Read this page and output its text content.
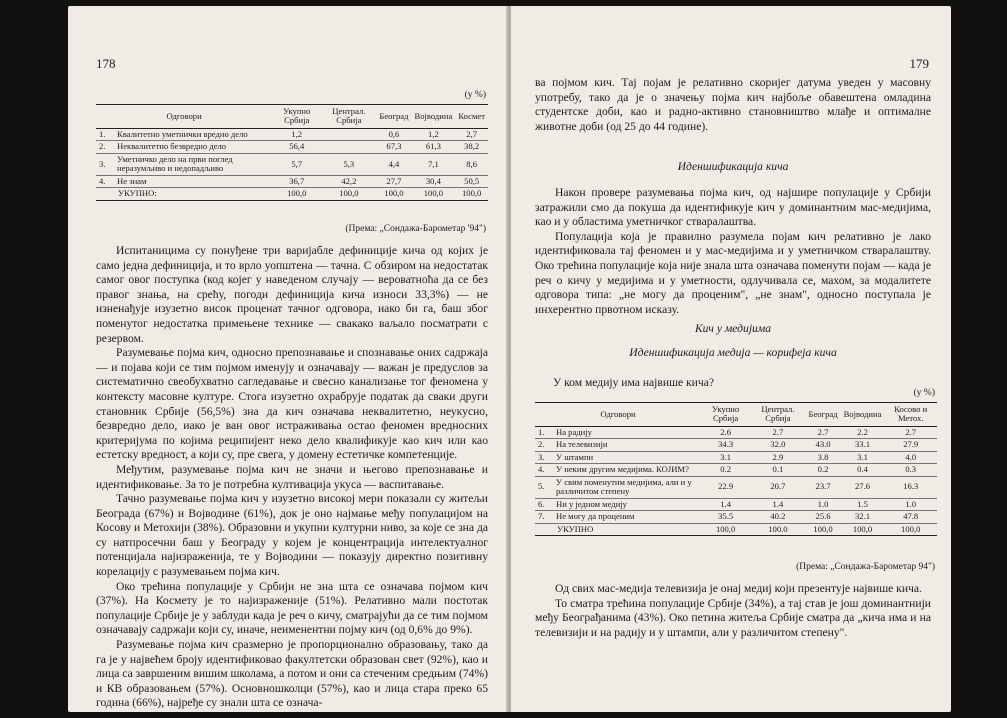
178
(у %)
Одговори		Укупно Србија	Централ. Србија	Београд	Војводина	Космет
1.	Квалитетно уметнички вредно дело	1,2		0,6	1,2	2,7
2.	Неквалитетно безвредно дело	56,4		67,3	61,3	38,2
3.	Уметничко дело на први поглед неразумљиво и недопадљиво	5,7	5,3	4,4	7,1	8,6
4.	Не знам	36,7	42,2	27,7	30,4	50,5
УКУПНО:		100,0	100,0	100,0	100,0	100,0
(Према: „Сондажа-Барометар '94")

Испитаницима су понуђене три варијабле дефиниције кича од којих је само једна дефиниција, и то врло уопштена — тачна. С обзиром на недостатак самог овог поступка (код којег у наведеном случају — вероватноћа да се без правог знања, на срећу, погоди дефиниција кича износи 33,3%) — не изненађује изузетно висок проценат тачног одговора, иако би га, баш због поменутог недостатка примењене технике — свакако ваљало посматрати с резервом.

Разумевање појма кич, односно препознавање и спознавање оних садржаја — и појава који се тим појмом именују и означавају — важан је предуслов за систематично свеобухватно сагледавање и свесно канализање тог феномена у контексту масовне културе. Стога изузетно охрабрује податак да сваки други становник Србије (56,5%) зна да кич означава неквалитетно, неукусно, безвредно дело, иако је ван овог истраживања остао феномен вредносних критеријума по којима реципијент неко дело квалификује као кич или као естетску вредност, а који су, пре свега, у домену естетичке компетенције.

Међутим, разумевање појма кич не значи и његово препознавање и идентификовање. За то је потребна култивација укуса — васпитавање.

Тачно разумевање појма кич у изузетно високој мери показали су житељи Београда (67%) и Војводине (61%), док је оно најмање међу популацијом на Косову и Метохији (38%). Образовни и укупни културни ниво, за које се зна да су натпросечни баш у Београду у којем је концентрација интелектуалног потенцијала најизраженија, те у Војводини — показују директно позитивну корелацију с разумевањем појма кич.

Око трећина популације у Србији не зна шта се означава појмом кич (37%). На Космету је то најизраженије (51%). Релативно мали постотак популације Србије је у заблуди када је реч о кичу, сматрајући да се тим појмом означавају садржаји који су, иначе, неименентни појму кич (од 0,6% до 9%).

Разумевање појма кич сразмерно је пропорционално образовању, тако да га је у највећем броју идентификовао факултетски образован свет (92%), као и лица са завршеним вишим школама, а потом и они са стеченим средњим (74%) и КВ образовањем (57%). Основношколци (57%), као и лица стара преко 65 година (66%), најређе су знали шта се означа-

179

ва појмом кич. Тај појам је релативно скоријег датума уведен у масовну употребу, тако да је о значењу појма кич најбоље обавештена омладина студентске доби, као и радно-активно становништво млађе и оптималне животне доби (од 25 до 44 године).

Иденшификација кича

Након провере разумевања појма кич, од најшире популације у Србији затражили смо да покуша да идентификује кич у доминантним мас-медијима, као и у областима уметничког стваралаштва.

Популација која је правилно разумела појам кич релативно је лако идентификовала тај феномен и у мас-медијима и у уметничком стваралаштву. Око трећина популације која није знала шта означава поменути појам — када је реч о кичу у медијима и у уметности, одлучивала се, махом, за модалитете одговора типа: „не могу да проценим", „не знам", односно поступала је инхерентно првотном исказу.

Кич у медијима
Иденшификација медија — корифеја кича
У ком медију има највише кича?
(у %)
Одговори		Укупно Србија	Централ. Србија	Београд	Војводина	Косово и Метох.
1.	На радију	2.6	2.7	2.7	2.2	2.7
2.	На телевизији	34.3	32.0	43.0	33.1	27.9
3.	У штампи	3.1	2.9	3.8	3.1	4.0
4.	У неким другим медијима. КОЈИМ?	0.2	0.1	0.2	0.4	0.3
5.	У свим поменутим медијима, али и у различитом степену	22.9	20.7	23.7	27.6	16.3
6.	Ни у једном медију	1.4	1.4	1.0	1.5	1.0
7.	Не могу да проценим	35.5	40.2	25.6	32.1	47.8
УКУПНО		100,0	100.0	100,0	100,0	100,0
(Према: „Сондажа-Барометар 94")

Од свих мас-медија телевизија је онај медиј који презентује највише кича.

То сматра трећина популације Србије (34%), а тај став је још доминантнији међу Београђанима (43%). Око петина житеља Србије сматра да „кича има и на телевизији и на радију и у штампи, али у различитом степену".
